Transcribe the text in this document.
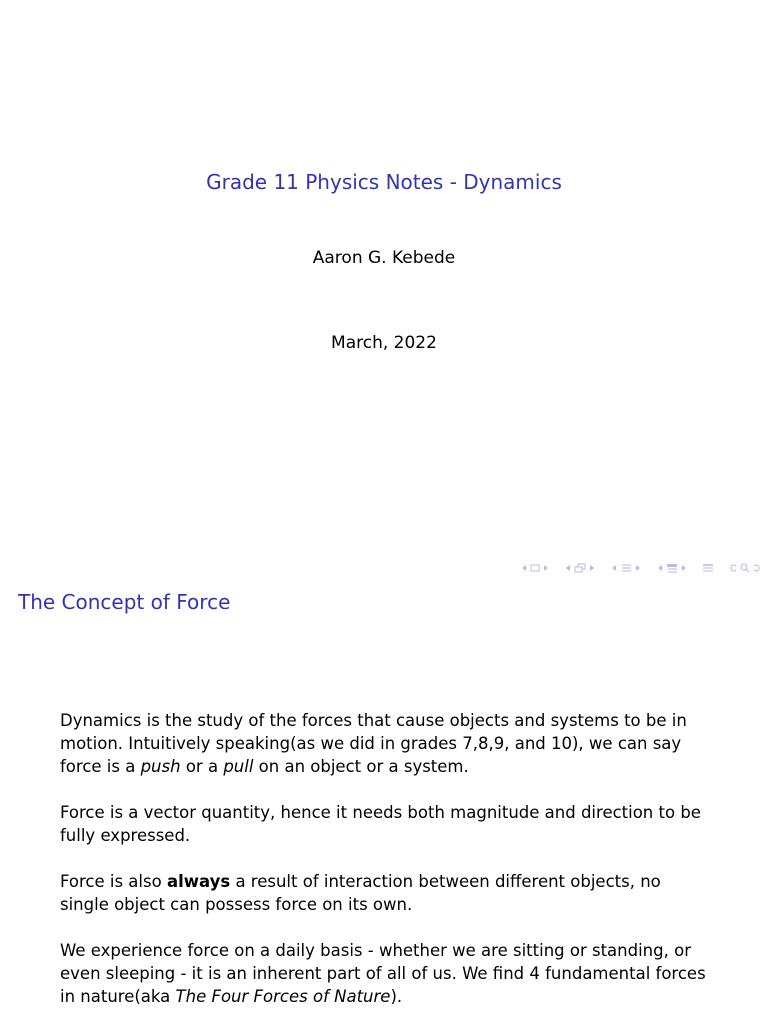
Grade 11 Physics Notes - Dynamics
Aaron G. Kebede
March, 2022
The Concept of Force

Dynamics is the study of the forces that cause objects and systems to be in motion. Intuitively speaking(as we did in grades 7,8,9, and 10), we can say force is a push or a pull on an object or a system.

Force is a vector quantity, hence it needs both magnitude and direction to be fully expressed.

Force is also always a result of interaction between different objects, no single object can possess force on its own.

We experience force on a daily basis - whether we are sitting or standing, or even sleeping - it is an inherent part of all of us. We find 4 fundamental forces in nature(aka The Four Forces of Nature).
